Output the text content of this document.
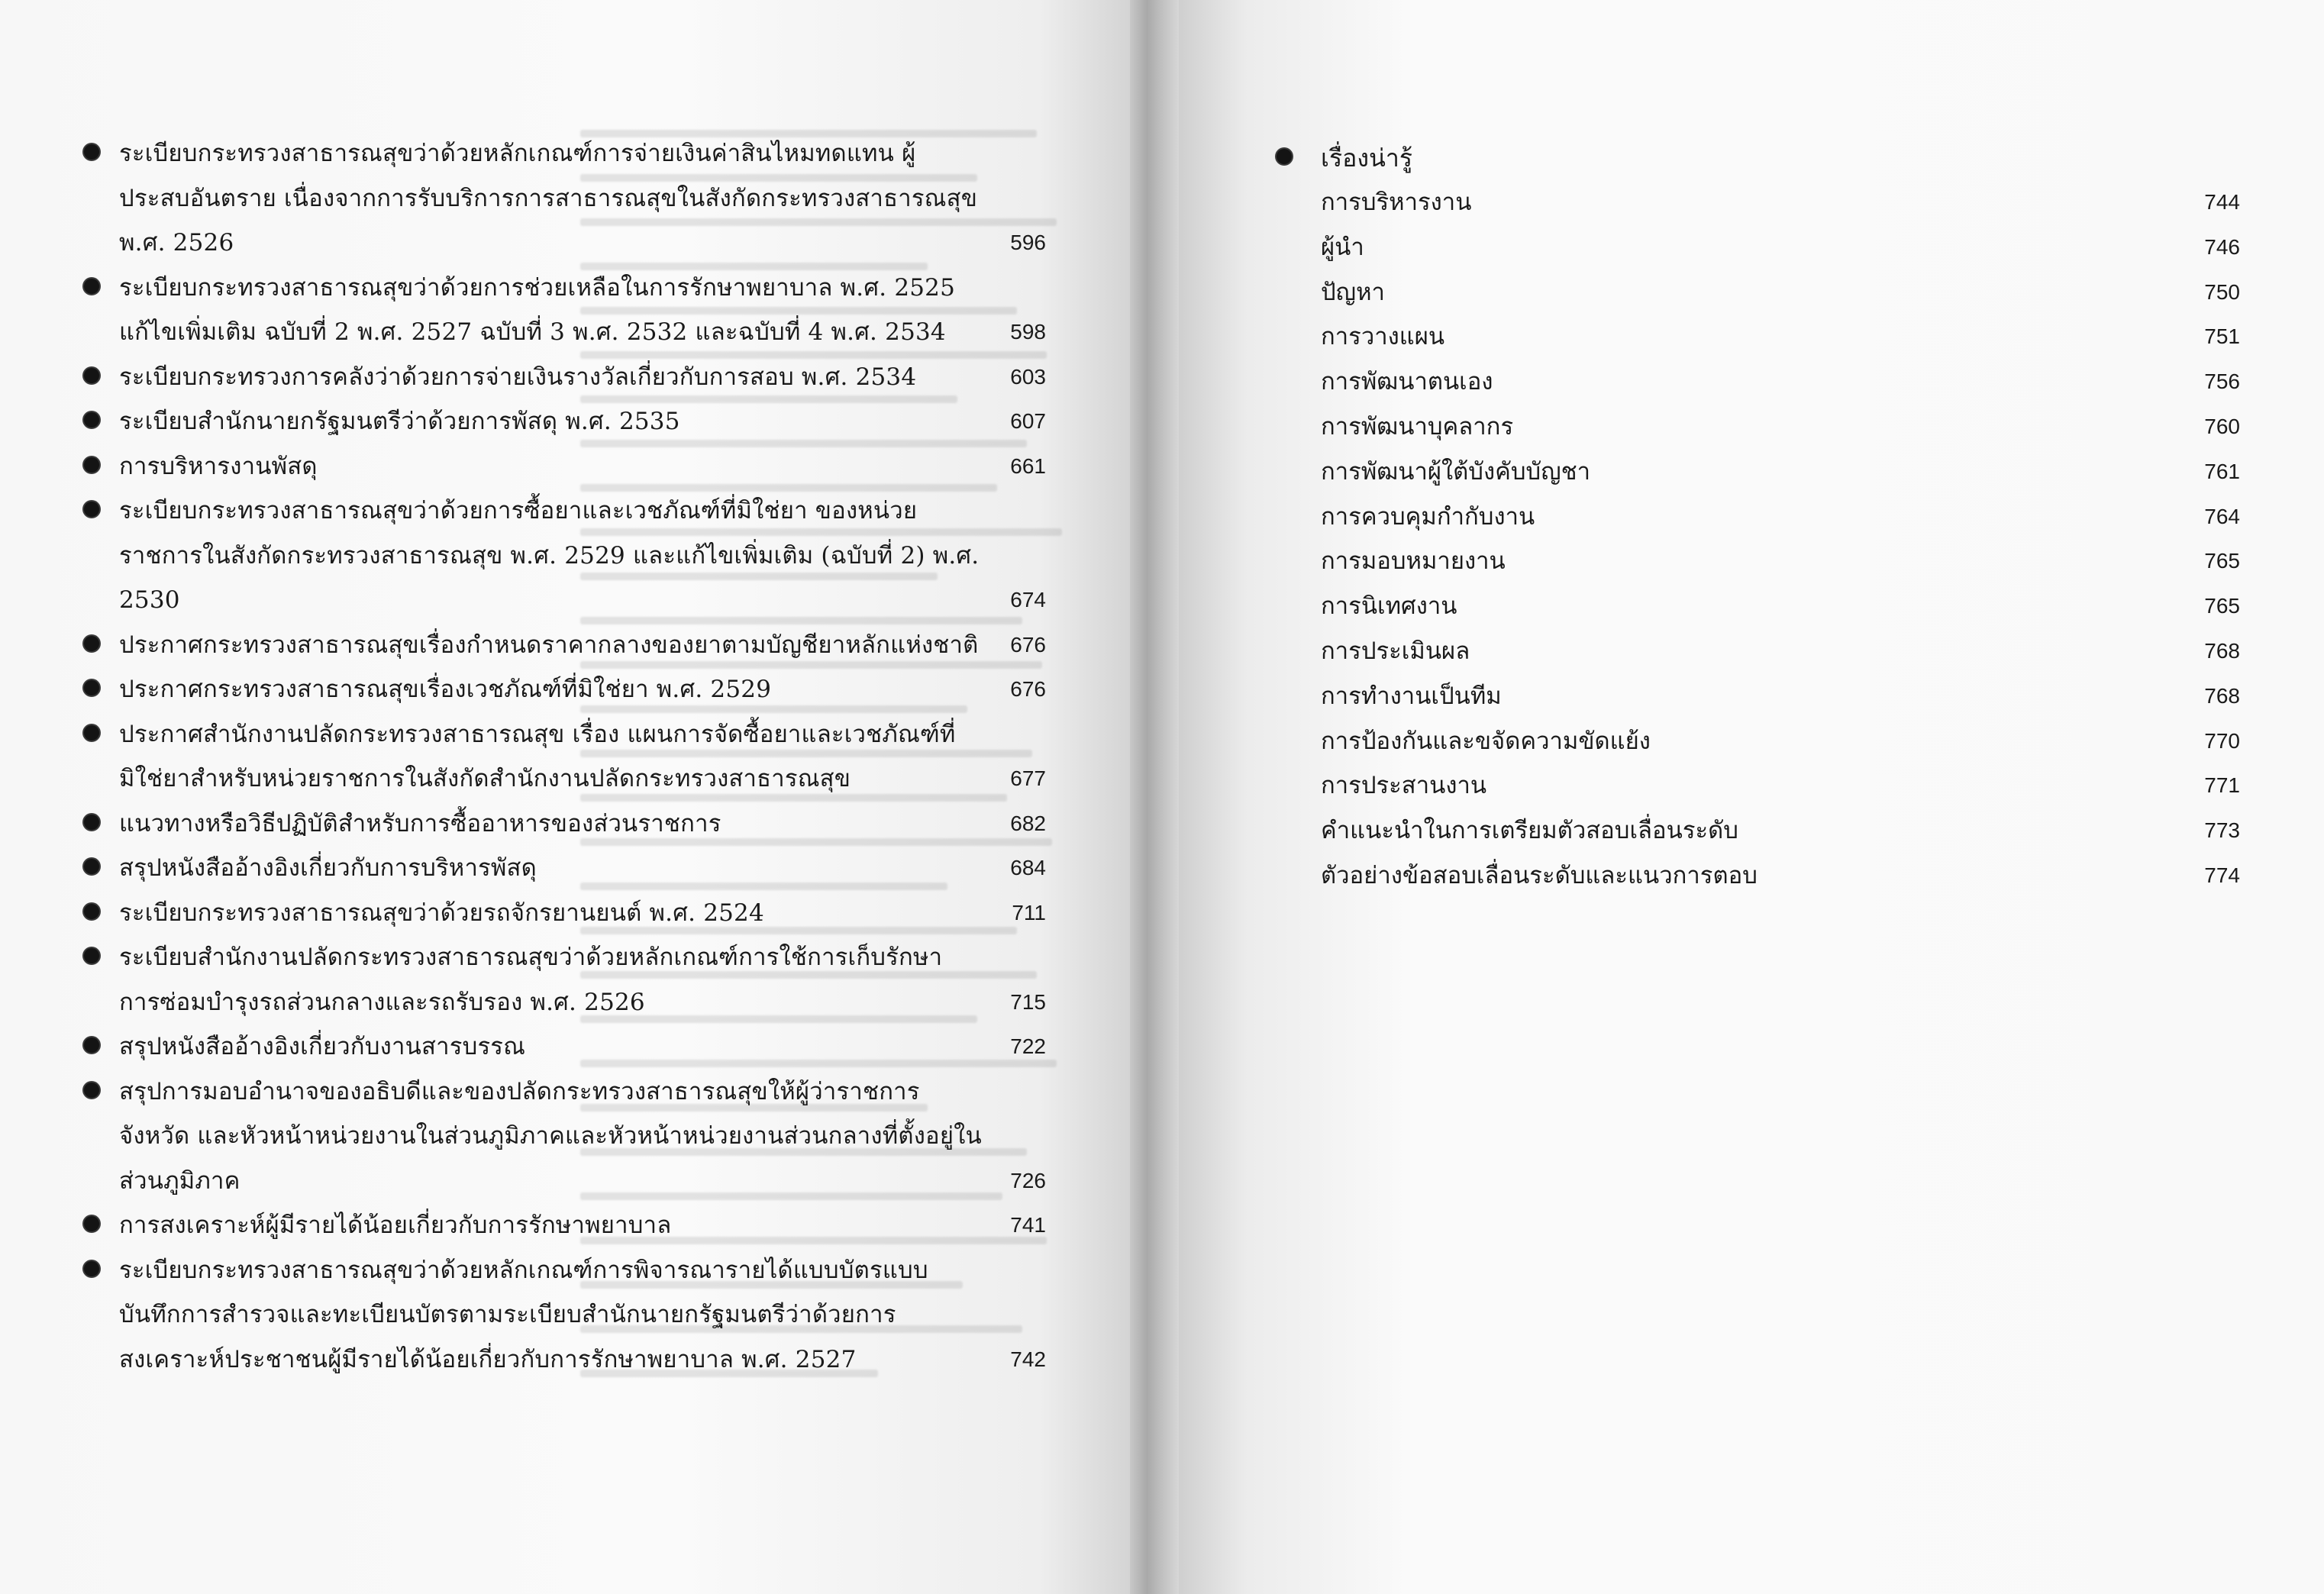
ระเบียบกระทรวงสาธารณสุขว่าด้วยหลักเกณฑ์การจ่ายเงินค่าสินไหมทดแทน ผู้ประสบอันตราย เนื่องจากการรับบริการการสาธารณสุขในสังกัดกระทรวงสาธารณสุข พ.ศ. 2526	596
ระเบียบกระทรวงสาธารณสุขว่าด้วยการช่วยเหลือในการรักษาพยาบาล พ.ศ. 2525 แก้ไขเพิ่มเติม ฉบับที่ 2 พ.ศ. 2527 ฉบับที่ 3 พ.ศ. 2532 และฉบับที่ 4 พ.ศ. 2534	598
ระเบียบกระทรวงการคลังว่าด้วยการจ่ายเงินรางวัลเกี่ยวกับการสอบ พ.ศ. 2534	603
ระเบียบสำนักนายกรัฐมนตรีว่าด้วยการพัสดุ พ.ศ. 2535	607
การบริหารงานพัสดุ	661
ระเบียบกระทรวงสาธารณสุขว่าด้วยการซื้อยาและเวชภัณฑ์ที่มิใช่ยา ของหน่วยราชการในสังกัดกระทรวงสาธารณสุข พ.ศ. 2529 และแก้ไขเพิ่มเติม (ฉบับที่ 2) พ.ศ. 2530	674
ประกาศกระทรวงสาธารณสุขเรื่องกำหนดราคากลางของยาตามบัญชียาหลักแห่งชาติ 676
ประกาศกระทรวงสาธารณสุขเรื่องเวชภัณฑ์ที่มิใช่ยา พ.ศ. 2529	676
ประกาศสำนักงานปลัดกระทรวงสาธารณสุข เรื่อง แผนการจัดซื้อยาและเวชภัณฑ์ที่มิใช่ยาสำหรับหน่วยราชการในสังกัดสำนักงานปลัดกระทรวงสาธารณสุข	677
แนวทางหรือวิธีปฏิบัติสำหรับการซื้ออาหารของส่วนราชการ	682
สรุปหนังสืออ้างอิงเกี่ยวกับการบริหารพัสดุ	684
ระเบียบกระทรวงสาธารณสุขว่าด้วยรถจักรยานยนต์ พ.ศ. 2524	711
ระเบียบสำนักงานปลัดกระทรวงสาธารณสุขว่าด้วยหลักเกณฑ์การใช้การเก็บรักษา การซ่อมบำรุงรถส่วนกลางและรถรับรอง พ.ศ. 2526	715
สรุปหนังสืออ้างอิงเกี่ยวกับงานสารบรรณ	722
สรุปการมอบอำนาจของอธิบดีและของปลัดกระทรวงสาธารณสุขให้ผู้ว่าราชการจังหวัด และหัวหน้าหน่วยงานในส่วนภูมิภาคและหัวหน้าหน่วยงานส่วนกลางที่ตั้งอยู่ในส่วนภูมิภาค	726
การสงเคราะห์ผู้มีรายได้น้อยเกี่ยวกับการรักษาพยาบาล	741
ระเบียบกระทรวงสาธารณสุขว่าด้วยหลักเกณฑ์การพิจารณารายได้แบบบัตรแบบบันทึกการสำรวจและทะเบียนบัตรตามระเบียบสำนักนายกรัฐมนตรีว่าด้วยการสงเคราะห์ประชาชนผู้มีรายได้น้อยเกี่ยวกับการรักษาพยาบาล พ.ศ. 2527	742
เรื่องน่ารู้
การบริหารงาน	744
ผู้นำ	746
ปัญหา	750
การวางแผน	751
การพัฒนาตนเอง	756
การพัฒนาบุคลากร	760
การพัฒนาผู้ใต้บังคับบัญชา	761
การควบคุมกำกับงาน	764
การมอบหมายงาน	765
การนิเทศงาน	765
การประเมินผล	768
การทำงานเป็นทีม	768
การป้องกันและขจัดความขัดแย้ง	770
การประสานงาน	771
คำแนะนำในการเตรียมตัวสอบเลื่อนระดับ	773
ตัวอย่างข้อสอบเลื่อนระดับและแนวการตอบ	774
